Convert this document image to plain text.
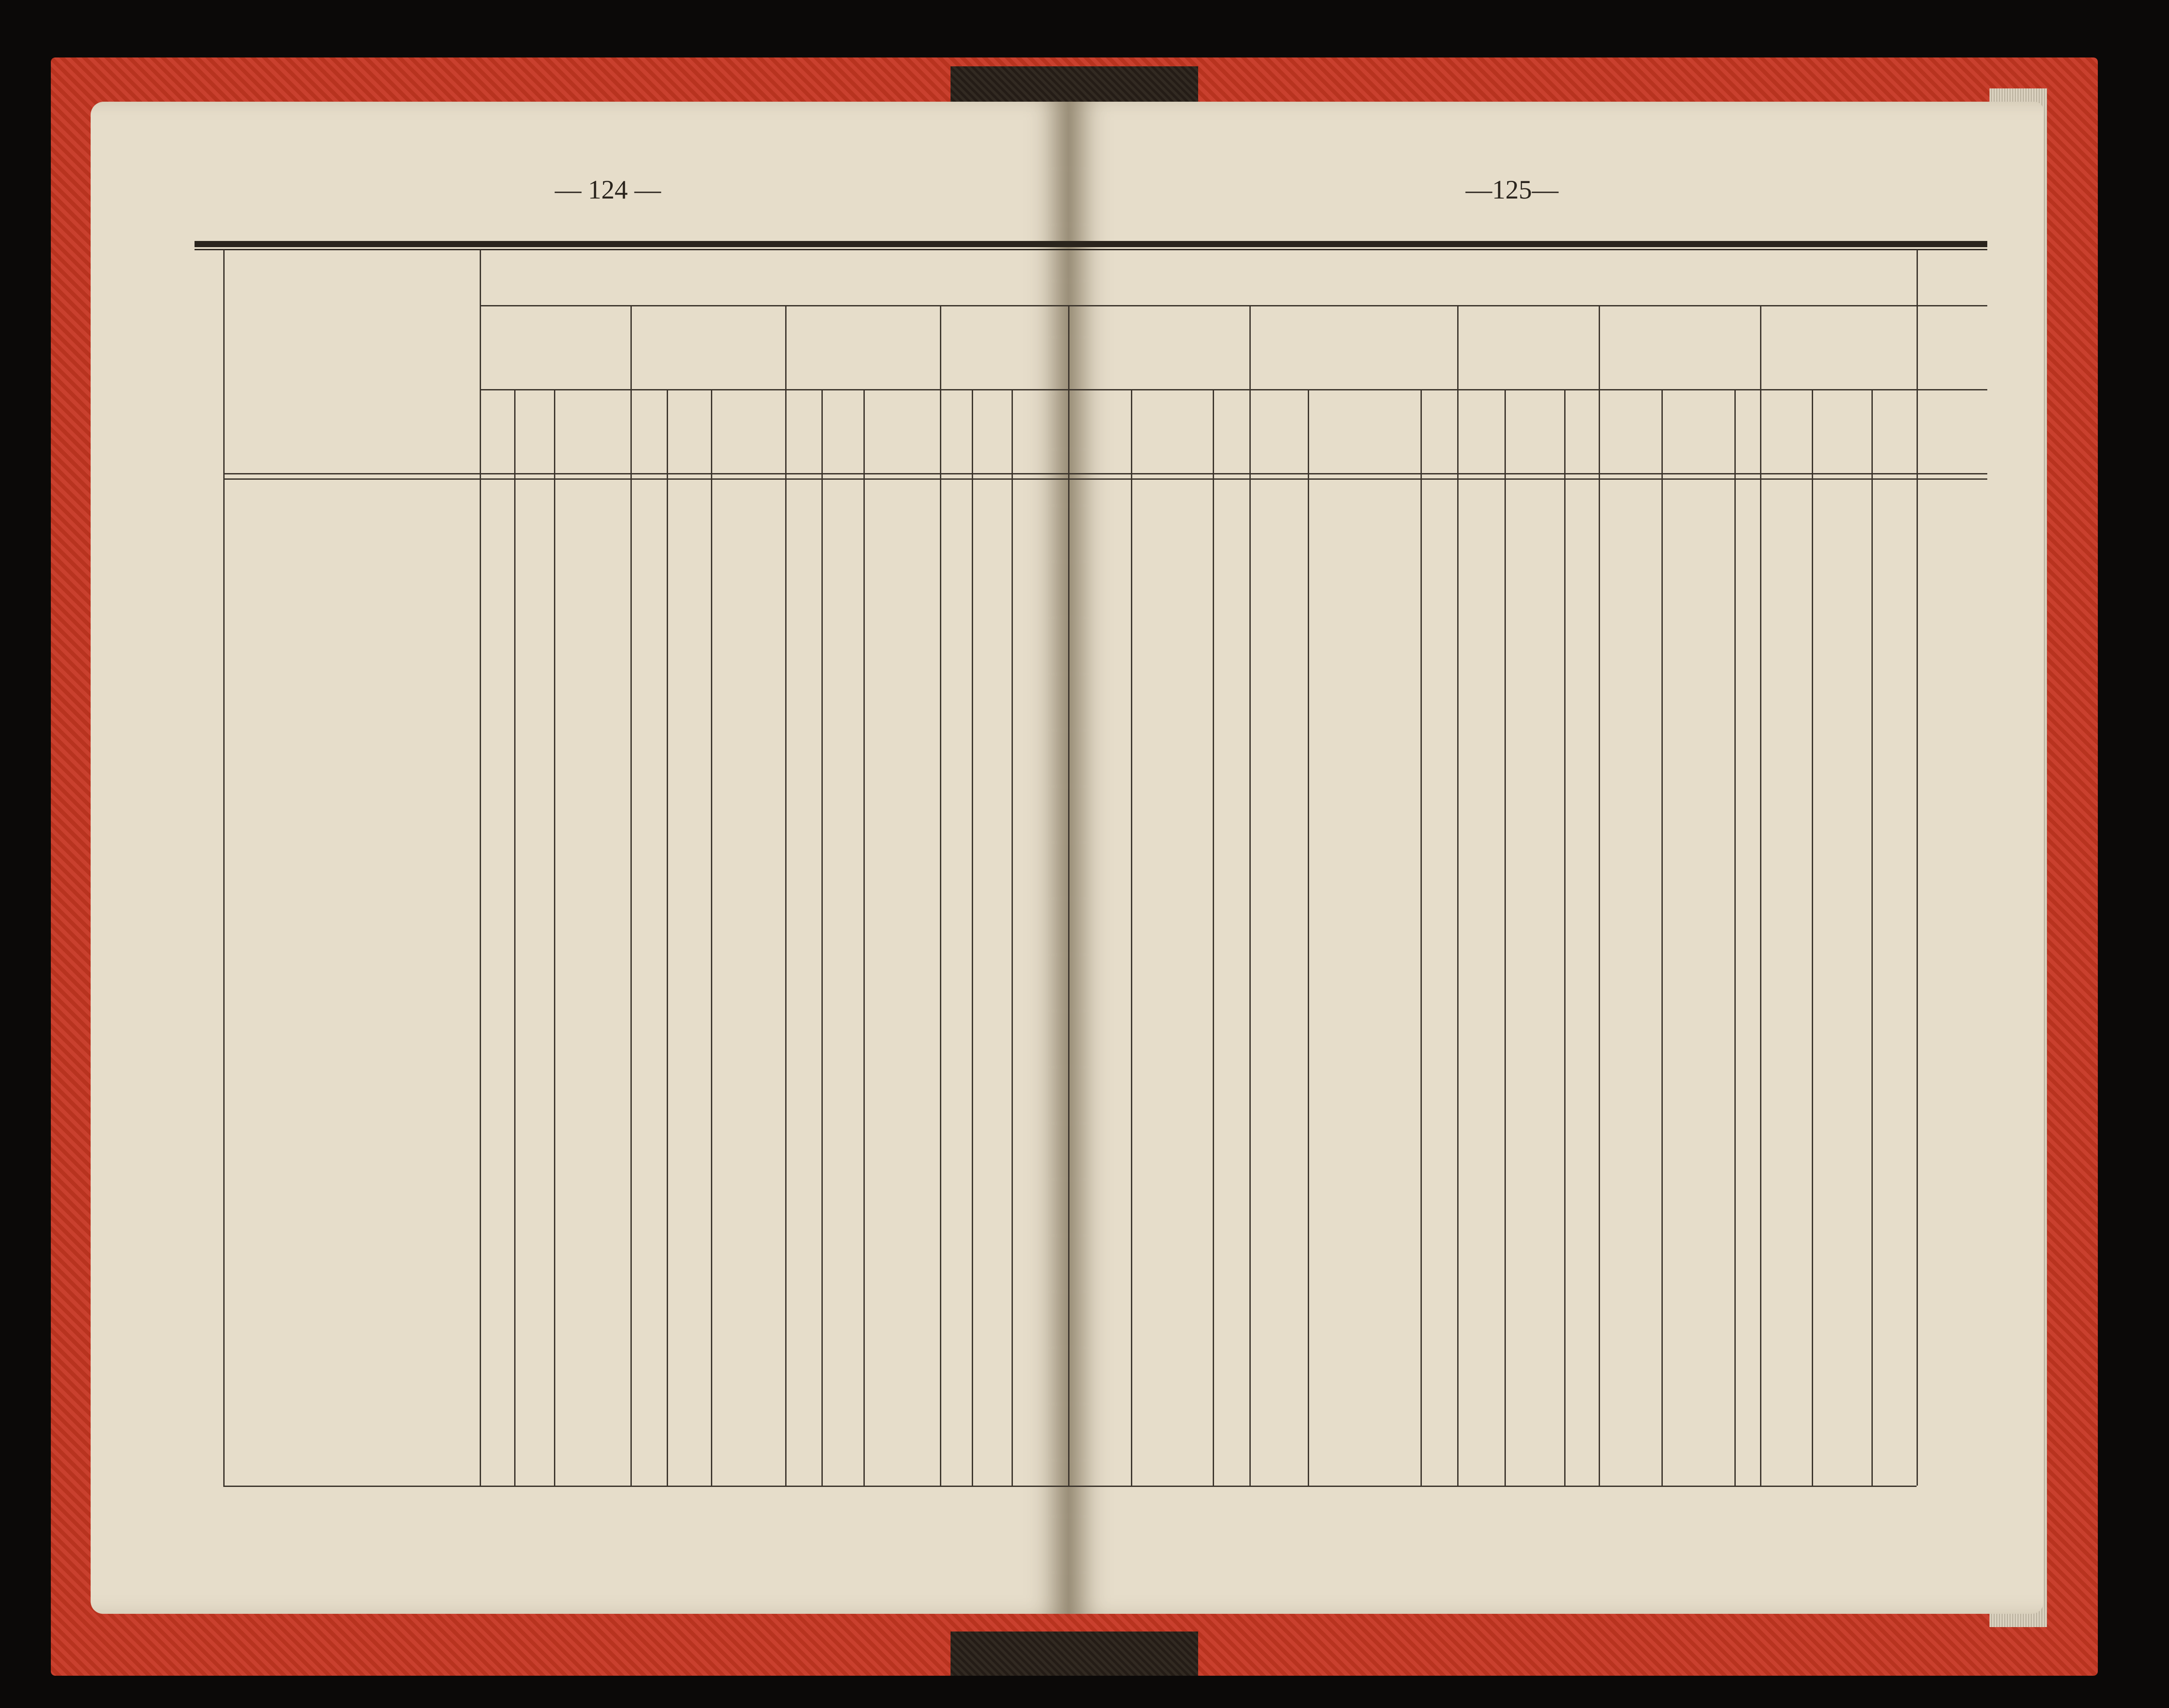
— 124 —	—125—
